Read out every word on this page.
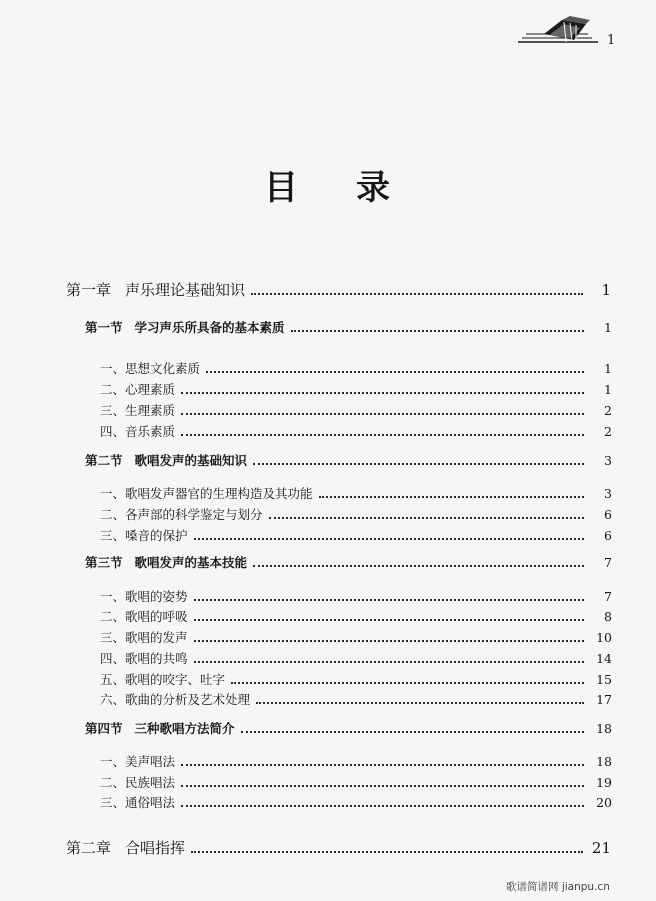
1
目 录
第一章 声乐理论基础知识	1
第一节 学习声乐所具备的基本素质	1
一、思想文化素质	1
二、心理素质	1
三、生理素质	2
四、音乐素质	2
第二节 歌唱发声的基础知识	3
一、歌唱发声器官的生理构造及其功能	3
二、各声部的科学鉴定与划分	6
三、嗓音的保护	6
第三节 歌唱发声的基本技能	7
一、歌唱的姿势	7
二、歌唱的呼吸	8
三、歌唱的发声	10
四、歌唱的共鸣	14
五、歌唱的咬字、吐字	15
六、歌曲的分析及艺术处理	17
第四节 三种歌唱方法简介	18
一、美声唱法	18
二、民族唱法	19
三、通俗唱法	20
第二章 合唱指挥	21
歌谱简谱网 jianpu.cn
